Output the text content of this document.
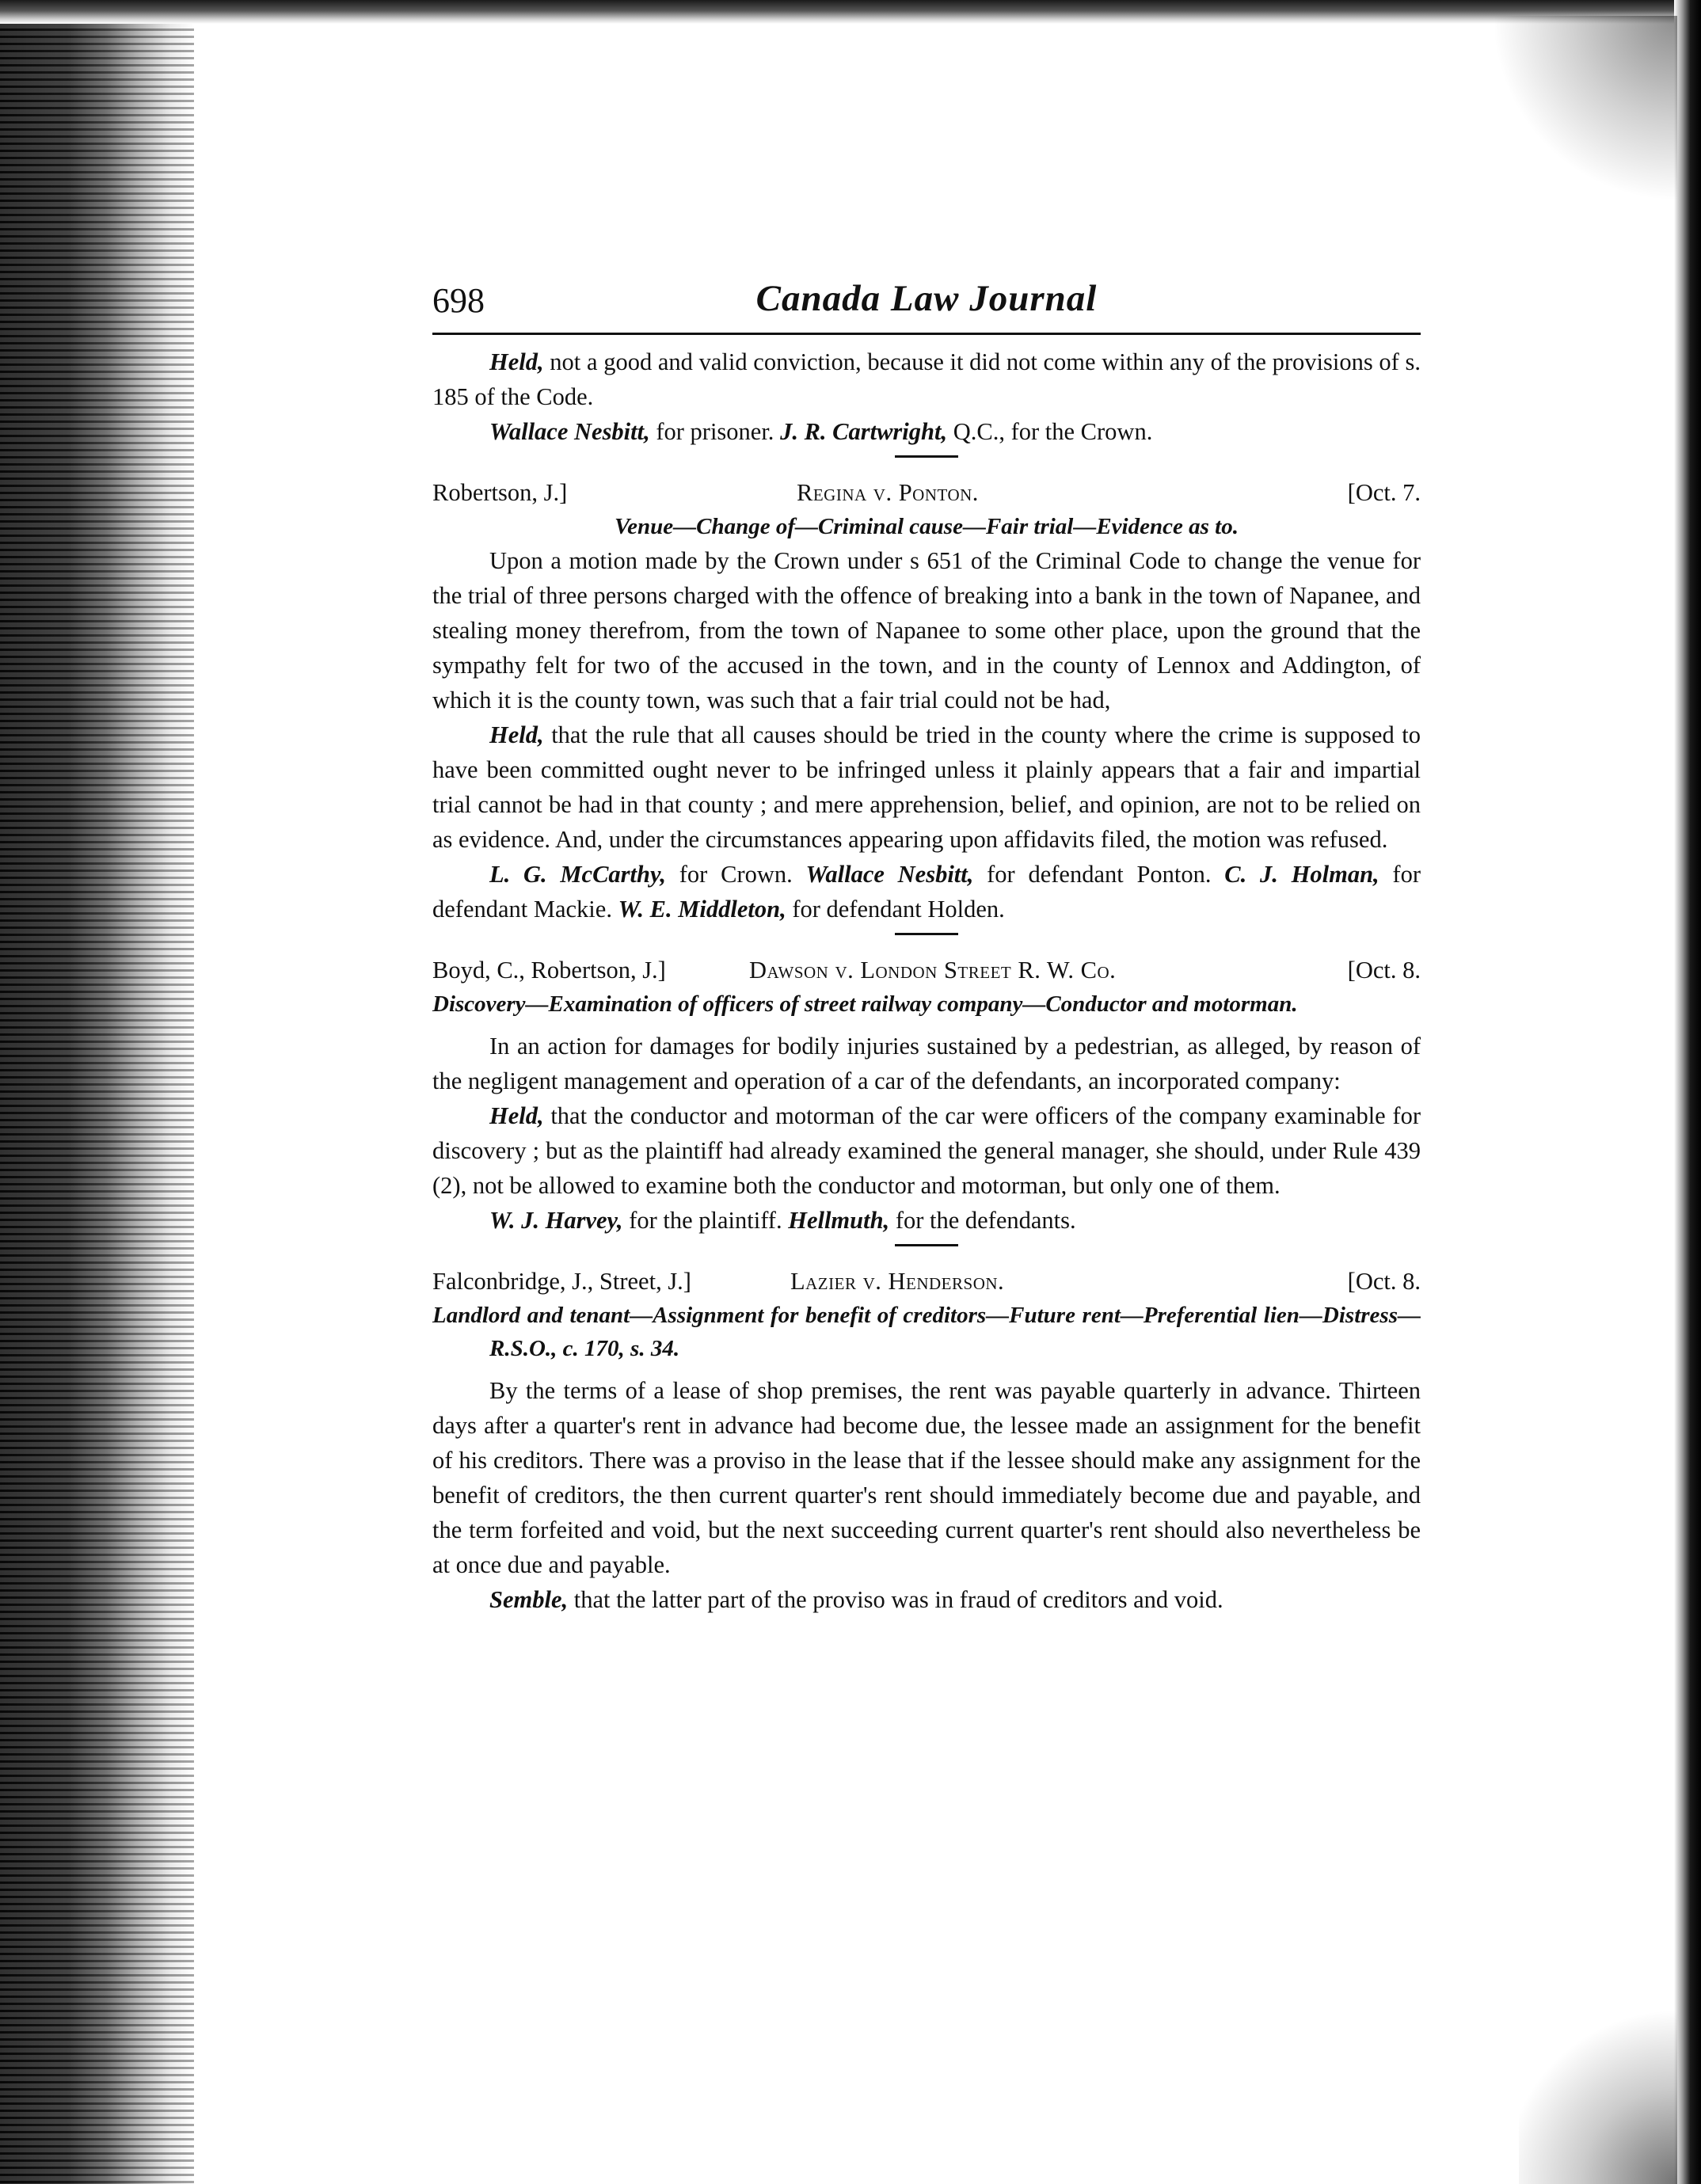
698	Canada Law Journal

Held, not a good and valid conviction, because it did not come within any of the provisions of s. 185 of the Code.

Wallace Nesbitt, for prisoner. J. R. Cartwright, Q.C., for the Crown.

Robertson, J.]	Regina v. Ponton.	[Oct. 7.

Venue—Change of—Criminal cause—Fair trial—Evidence as to.

Upon a motion made by the Crown under s 651 of the Criminal Code to change the venue for the trial of three persons charged with the offence of breaking into a bank in the town of Napanee, and stealing money therefrom, from the town of Napanee to some other place, upon the ground that the sympathy felt for two of the accused in the town, and in the county of Lennox and Addington, of which it is the county town, was such that a fair trial could not be had,

Held, that the rule that all causes should be tried in the county where the crime is supposed to have been committed ought never to be infringed unless it plainly appears that a fair and impartial trial cannot be had in that county ; and mere apprehension, belief, and opinion, are not to be relied on as evidence. And, under the circumstances appearing upon affidavits filed, the motion was refused.

L. G. McCarthy, for Crown. Wallace Nesbitt, for defendant Ponton. C. J. Holman, for defendant Mackie. W. E. Middleton, for defendant Holden.

Boyd, C., Robertson, J.]	Dawson v. London Street R. W. Co.	[Oct. 8.

Discovery—Examination of officers of street railway company—Conductor and motorman.

In an action for damages for bodily injuries sustained by a pedestrian, as alleged, by reason of the negligent management and operation of a car of the defendants, an incorporated company:

Held, that the conductor and motorman of the car were officers of the company examinable for discovery ; but as the plaintiff had already examined the general manager, she should, under Rule 439 (2), not be allowed to examine both the conductor and motorman, but only one of them.

W. J. Harvey, for the plaintiff. Hellmuth, for the defendants.

Falconbridge, J., Street, J.]	Lazier v. Henderson.	[Oct. 8.

Landlord and tenant—Assignment for benefit of creditors—Future rent—Preferential lien—Distress—R.S.O., c. 170, s. 34.

By the terms of a lease of shop premises, the rent was payable quarterly in advance. Thirteen days after a quarter's rent in advance had become due, the lessee made an assignment for the benefit of his creditors. There was a proviso in the lease that if the lessee should make any assignment for the benefit of creditors, the then current quarter's rent should immediately become due and payable, and the term forfeited and void, but the next succeeding current quarter's rent should also nevertheless be at once due and payable.

Semble, that the latter part of the proviso was in fraud of creditors and void.
